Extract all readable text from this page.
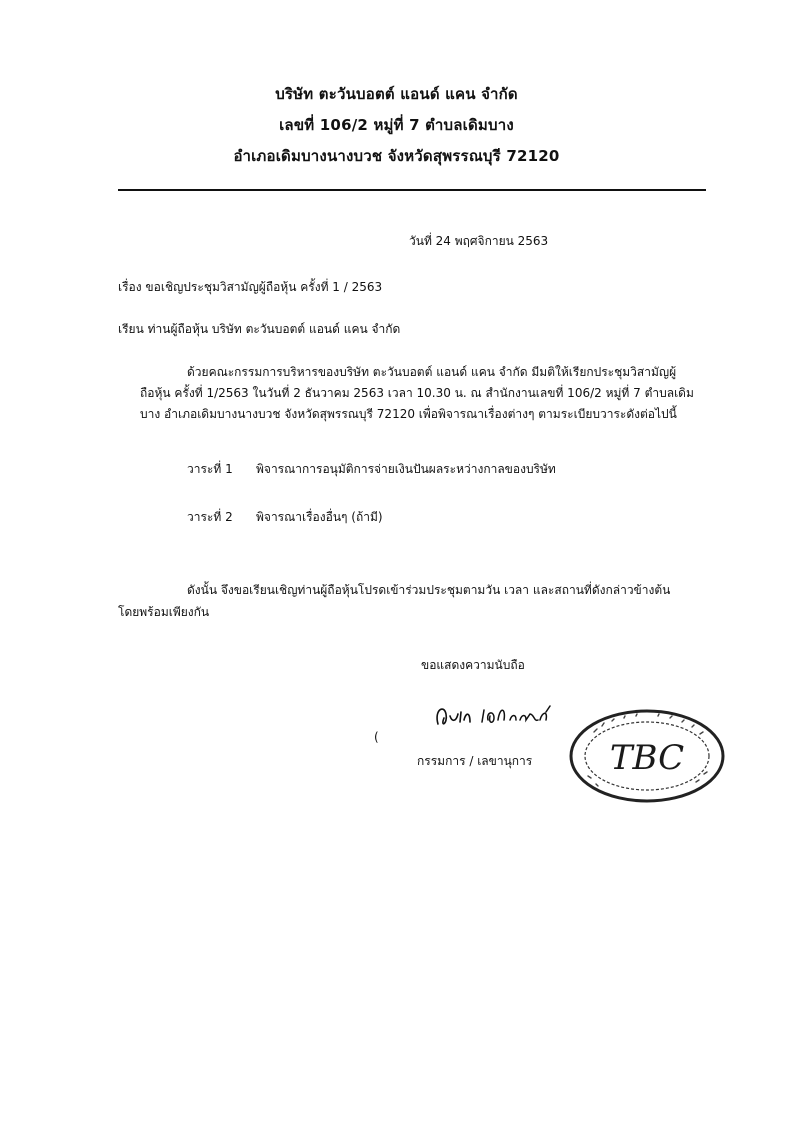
บริษัท ตะวันบอตต์ แอนด์ แคน จำกัด
เลขที่ 106/2 หมู่ที่ 7 ตำบลเดิมบาง
อำเภอเดิมบางนางบวช จังหวัดสุพรรณบุรี 72120
วันที่ 24 พฤศจิกายน 2563
เรื่อง ขอเชิญประชุมวิสามัญผู้ถือหุ้น ครั้งที่ 1 / 2563
เรียน ท่านผู้ถือหุ้น บริษัท ตะวันบอตต์ แอนด์ แคน จำกัด
ด้วยคณะกรรมการบริหารของบริษัท ตะวันบอตต์ แอนด์ แคน จำกัด มีมติให้เรียกประชุมวิสามัญผู้
ถือหุ้น ครั้งที่ 1/2563 ในวันที่ 2 ธันวาคม 2563 เวลา 10.30 น. ณ สำนักงานเลขที่ 106/2 หมู่ที่ 7 ตำบลเดิม
บาง อำเภอเดิมบางนางบวช จังหวัดสุพรรณบุรี 72120 เพื่อพิจารณาเรื่องต่างๆ ตามระเบียบวาระดังต่อไปนี้
วาระที่ 1 พิจารณาการอนุมัติการจ่ายเงินปันผลระหว่างกาลของบริษัท
วาระที่ 2 พิจารณาเรื่องอื่นๆ (ถ้ามี)
ดังนั้น จึงขอเรียนเชิญท่านผู้ถือหุ้นโปรดเข้าร่วมประชุมตามวัน เวลา และสถานที่ดังกล่าวข้างต้น
โดยพร้อมเพียงกัน
ขอแสดงความนับถือ
(
กรรมการ / เลขานุการ TBC
